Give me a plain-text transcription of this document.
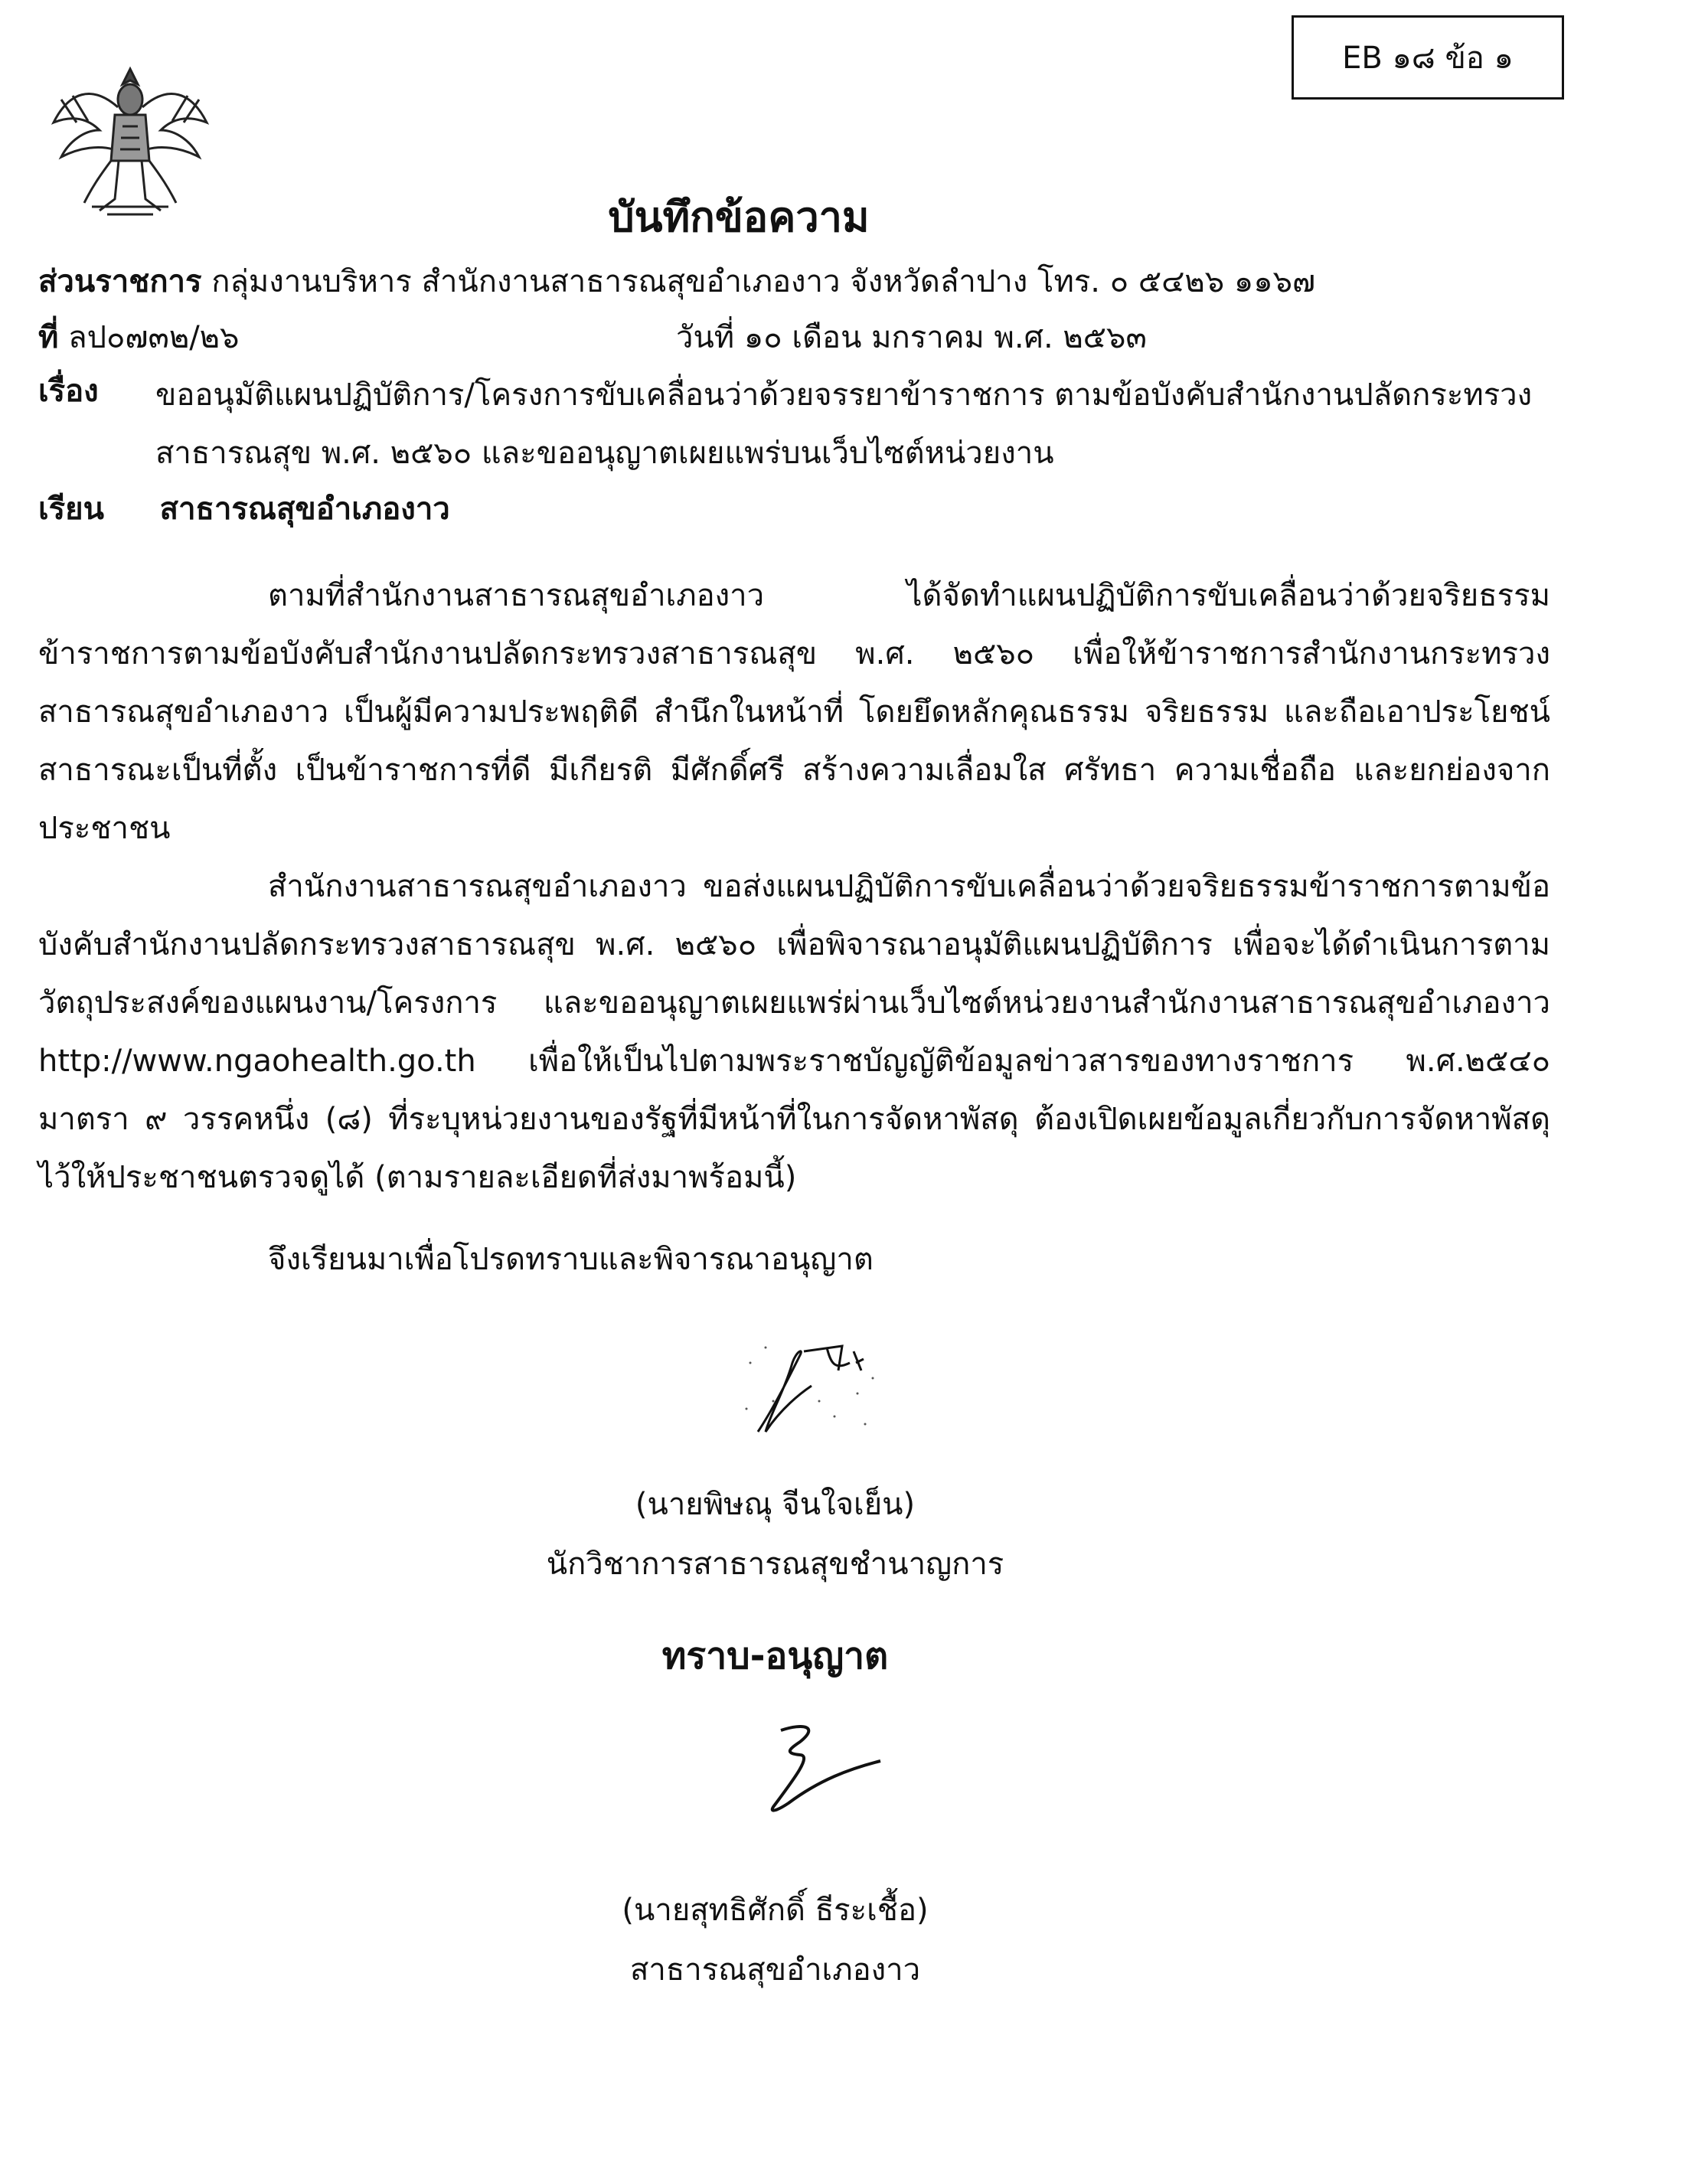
EB ๑๘ ข้อ ๑
บันทึกข้อความ
ส่วนราชการ กลุ่มงานบริหาร สำนักงานสาธารณสุขอำเภองาว จังหวัดลำปาง โทร. ๐ ๕๔๒๖ ๑๑๖๗
ที่ ลป๐๗๓๒/๒๖	วันที่ ๑๐ เดือน มกราคม พ.ศ. ๒๕๖๓
เรื่อง ขออนุมัติแผนปฏิบัติการ/โครงการขับเคลื่อนว่าด้วยจรรยาข้าราชการ ตามข้อบังคับสำนักงานปลัดกระทรวงสาธารณสุข พ.ศ. ๒๕๖๐ และขออนุญาตเผยแพร่บนเว็บไซต์หน่วยงาน
เรียน สาธารณสุขอำเภองาว
ตามที่สำนักงานสาธารณสุขอำเภองาว ได้จัดทำแผนปฏิบัติการขับเคลื่อนว่าด้วยจริยธรรมข้าราชการตามข้อบังคับสำนักงานปลัดกระทรวงสาธารณสุข พ.ศ. ๒๕๖๐ เพื่อให้ข้าราชการสำนักงานกระทรวงสาธารณสุขอำเภองาว เป็นผู้มีความประพฤติดี สำนึกในหน้าที่ โดยยึดหลักคุณธรรม จริยธรรม และถือเอาประโยชน์สาธารณะเป็นที่ตั้ง เป็นข้าราชการที่ดี มีเกียรติ มีศักดิ์ศรี สร้างความเลื่อมใส ศรัทธา ความเชื่อถือ และยกย่องจากประชาชน
สำนักงานสาธารณสุขอำเภองาว ขอส่งแผนปฏิบัติการขับเคลื่อนว่าด้วยจริยธรรมข้าราชการตามข้อบังคับสำนักงานปลัดกระทรวงสาธารณสุข พ.ศ. ๒๕๖๐ เพื่อพิจารณาอนุมัติแผนปฏิบัติการ เพื่อจะได้ดำเนินการตามวัตถุประสงค์ของแผนงาน/โครงการ และขออนุญาตเผยแพร่ผ่านเว็บไซต์หน่วยงานสำนักงานสาธารณสุขอำเภองาว http://www.ngaohealth.go.th เพื่อให้เป็นไปตามพระราชบัญญัติข้อมูลข่าวสารของทางราชการ พ.ศ.๒๕๔๐ มาตรา ๙ วรรคหนึ่ง (๘) ที่ระบุหน่วยงานของรัฐที่มีหน้าที่ในการจัดหาพัสดุ ต้องเปิดเผยข้อมูลเกี่ยวกับการจัดหาพัสดุ ไว้ให้ประชาชนตรวจดูได้ (ตามรายละเอียดที่ส่งมาพร้อมนี้)
จึงเรียนมาเพื่อโปรดทราบและพิจารณาอนุญาต
(นายพิษณุ จีนใจเย็น)
นักวิชาการสาธารณสุขชำนาญการ
ทราบ-อนุญาต
(นายสุทธิศักดิ์ ธีระเชื้อ)
สาธารณสุขอำเภองาว
